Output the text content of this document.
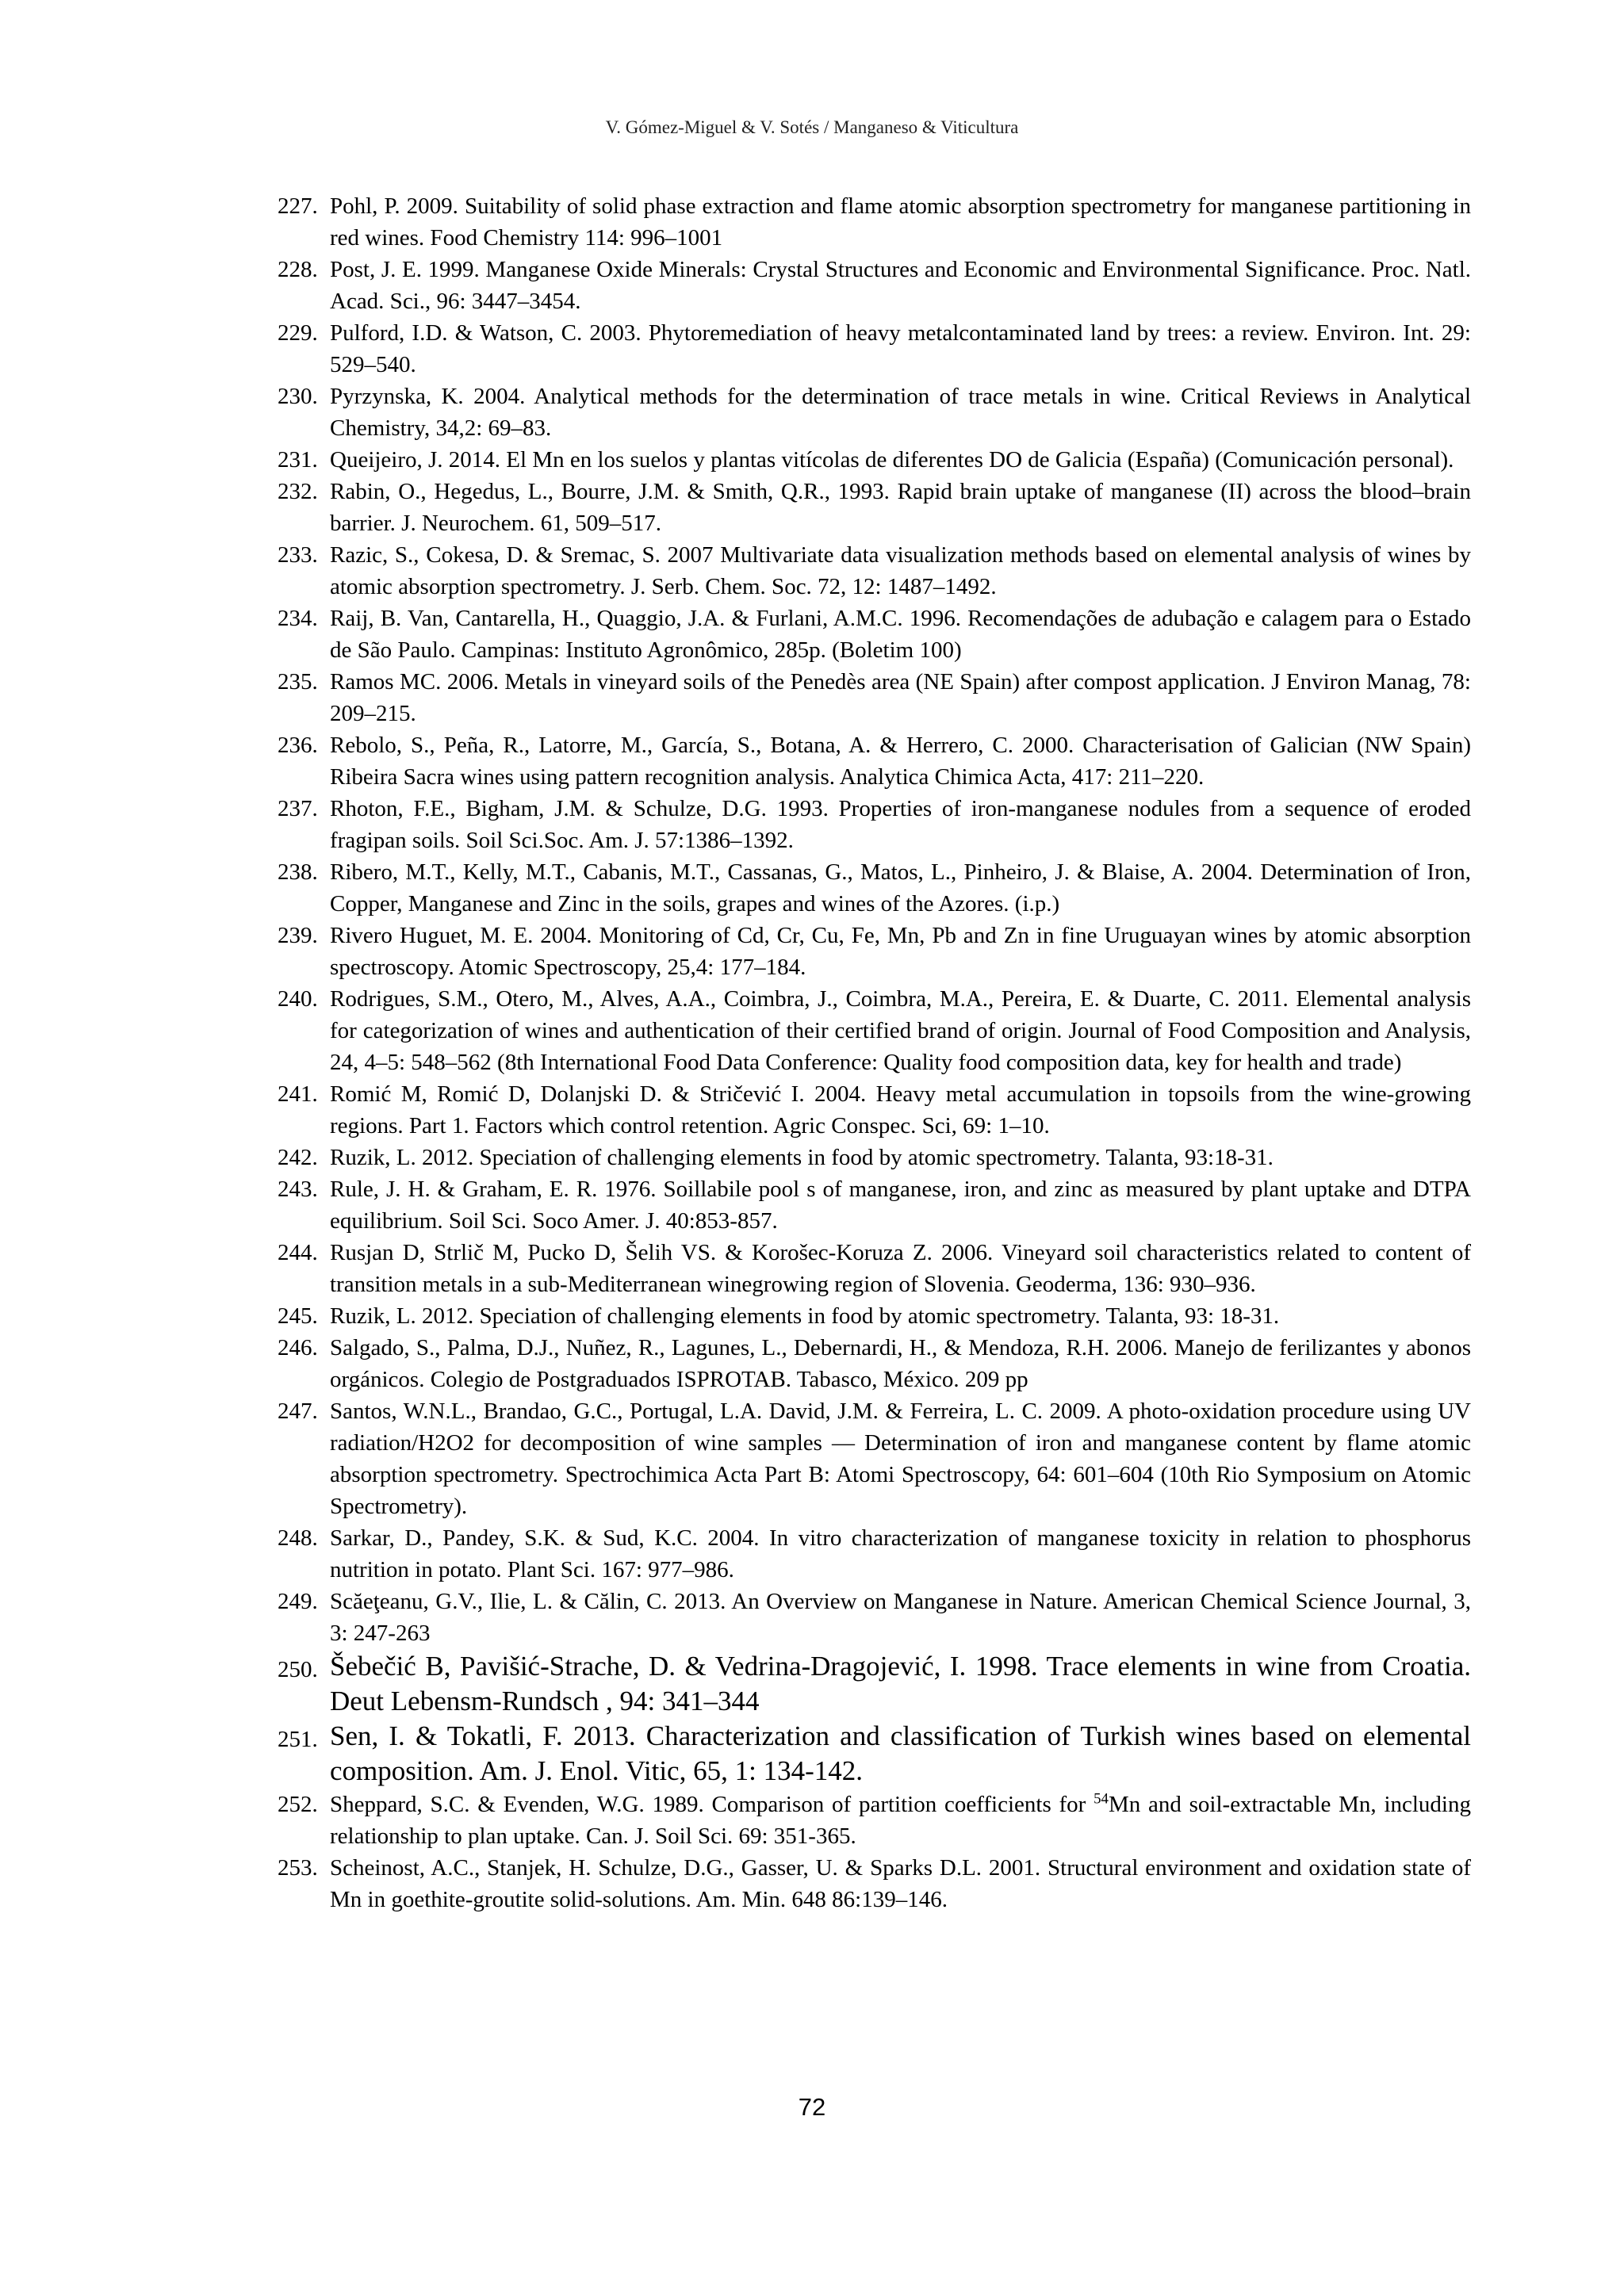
V. Gómez-Miguel & V. Sotés / Manganeso & Viticultura
227. Pohl, P. 2009. Suitability of solid phase extraction and flame atomic absorption spectrometry for manganese partitioning in red wines. Food Chemistry 114: 996–1001
228. Post, J. E. 1999. Manganese Oxide Minerals: Crystal Structures and Economic and Environmental Significance. Proc. Natl. Acad. Sci., 96: 3447–3454.
229. Pulford, I.D. & Watson, C. 2003. Phytoremediation of heavy metalcontaminated land by trees: a review. Environ. Int. 29: 529–540.
230. Pyrzynska, K. 2004. Analytical methods for the determination of trace metals in wine. Critical Reviews in Analytical Chemistry, 34,2: 69–83.
231. Queijeiro, J. 2014. El Mn en los suelos y plantas vitícolas de diferentes DO de Galicia (España) (Comunicación personal).
232. Rabin, O., Hegedus, L., Bourre, J.M. & Smith, Q.R., 1993. Rapid brain uptake of manganese (II) across the blood–brain barrier. J. Neurochem. 61, 509–517.
233. Razic, S., Cokesa, D. & Sremac, S. 2007 Multivariate data visualization methods based on elemental analysis of wines by atomic absorption spectrometry. J. Serb. Chem. Soc. 72, 12: 1487–1492.
234. Raij, B. Van, Cantarella, H., Quaggio, J.A. & Furlani, A.M.C. 1996. Recomendações de adubação e calagem para o Estado de São Paulo. Campinas: Instituto Agronômico, 285p. (Boletim 100)
235. Ramos MC. 2006. Metals in vineyard soils of the Penedès area (NE Spain) after compost application. J Environ Manag, 78: 209–215.
236. Rebolo, S., Peña, R., Latorre, M., García, S., Botana, A. & Herrero, C. 2000. Characterisation of Galician (NW Spain) Ribeira Sacra wines using pattern recognition analysis. Analytica Chimica Acta, 417: 211–220.
237. Rhoton, F.E., Bigham, J.M. & Schulze, D.G. 1993. Properties of iron-manganese nodules from a sequence of eroded fragipan soils. Soil Sci.Soc. Am. J. 57:1386–1392.
238. Ribero, M.T., Kelly, M.T., Cabanis, M.T., Cassanas, G., Matos, L., Pinheiro, J. & Blaise, A. 2004. Determination of Iron, Copper, Manganese and Zinc in the soils, grapes and wines of the Azores. (i.p.)
239. Rivero Huguet, M. E. 2004. Monitoring of Cd, Cr, Cu, Fe, Mn, Pb and Zn in fine Uruguayan wines by atomic absorption spectroscopy. Atomic Spectroscopy, 25,4: 177–184.
240. Rodrigues, S.M., Otero, M., Alves, A.A., Coimbra, J., Coimbra, M.A., Pereira, E. & Duarte, C. 2011. Elemental analysis for categorization of wines and authentication of their certified brand of origin. Journal of Food Composition and Analysis, 24, 4–5: 548–562 (8th International Food Data Conference: Quality food composition data, key for health and trade)
241. Romić M, Romić D, Dolanjski D. & Stričević I. 2004. Heavy metal accumulation in topsoils from the wine-growing regions. Part 1. Factors which control retention. Agric Conspec. Sci, 69: 1–10.
242. Ruzik, L. 2012. Speciation of challenging elements in food by atomic spectrometry. Talanta, 93:18-31.
243. Rule, J. H. & Graham, E. R. 1976. Soillabile pool s of manganese, iron, and zinc as measured by plant uptake and DTPA equilibrium. Soil Sci. Soco Amer. J. 40:853-857.
244. Rusjan D, Strlič M, Pucko D, Šelih VS. & Korošec-Koruza Z. 2006. Vineyard soil characteristics related to content of transition metals in a sub-Mediterranean winegrowing region of Slovenia. Geoderma, 136: 930–936.
245. Ruzik, L. 2012. Speciation of challenging elements in food by atomic spectrometry. Talanta, 93: 18-31.
246. Salgado, S., Palma, D.J., Nuñez, R., Lagunes, L., Debernardi, H., & Mendoza, R.H. 2006. Manejo de ferilizantes y abonos orgánicos. Colegio de Postgraduados ISPROTAB. Tabasco, México. 209 pp
247. Santos, W.N.L., Brandao, G.C., Portugal, L.A. David, J.M. & Ferreira, L. C. 2009. A photo-oxidation procedure using UV radiation/H2O2 for decomposition of wine samples — Determination of iron and manganese content by flame atomic absorption spectrometry. Spectrochimica Acta Part B: Atomi Spectroscopy, 64: 601–604 (10th Rio Symposium on Atomic Spectrometry).
248. Sarkar, D., Pandey, S.K. & Sud, K.C. 2004. In vitro characterization of manganese toxicity in relation to phosphorus nutrition in potato. Plant Sci. 167: 977–986.
249. Scăeţeanu, G.V., Ilie, L. & Călin, C. 2013. An Overview on Manganese in Nature. American Chemical Science Journal, 3, 3: 247-263
250. Šebečić B, Pavišić-Strache, D. & Vedrina-Dragojević, I. 1998. Trace elements in wine from Croatia. Deut Lebensm-Rundsch , 94: 341–344
251. Sen, I. & Tokatli, F. 2013. Characterization and classification of Turkish wines based on elemental composition. Am. J. Enol. Vitic, 65, 1: 134-142.
252. Sheppard, S.C. & Evenden, W.G. 1989. Comparison of partition coefficients for $^{54}$Mn and soil-extractable Mn, including relationship to plan uptake. Can. J. Soil Sci. 69: 351-365.
253. Scheinost, A.C., Stanjek, H. Schulze, D.G., Gasser, U. & Sparks D.L. 2001. Structural environment and oxidation state of Mn in goethite-groutite solid-solutions. Am. Min. 648 86:139–146.
72
